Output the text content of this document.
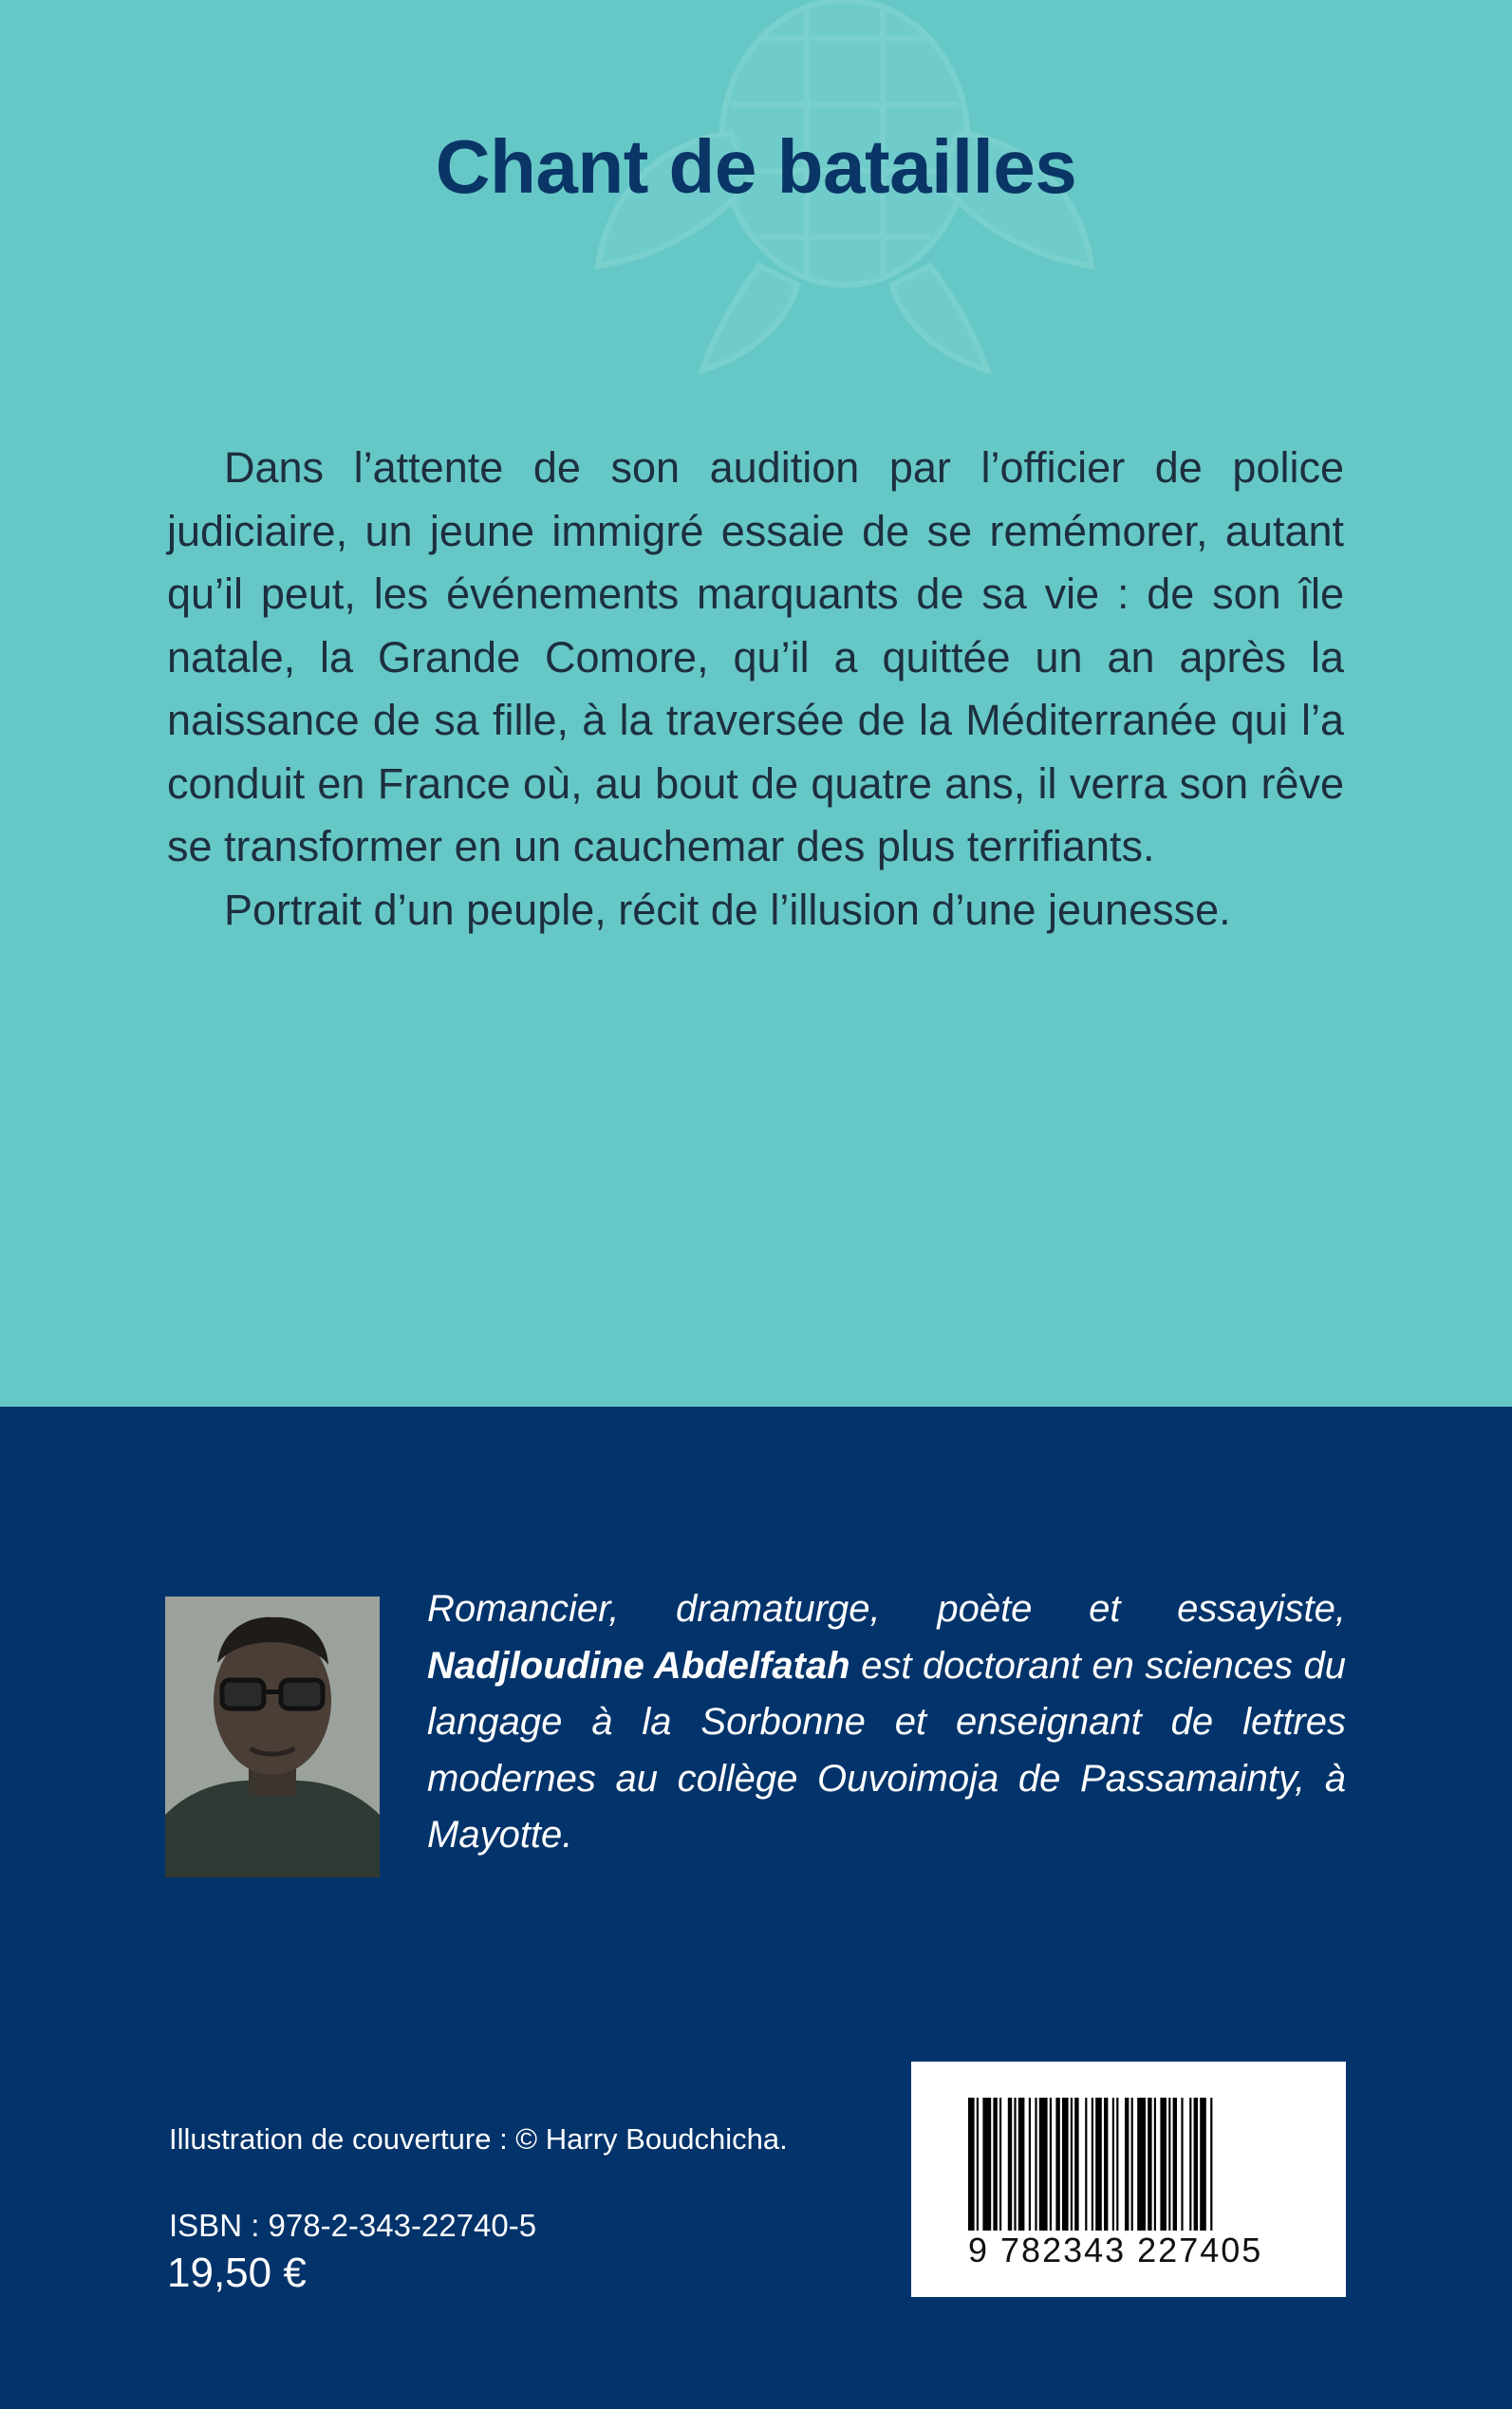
Chant de batailles

Dans l’attente de son audition par l’officier de police judiciaire, un jeune immigré essaie de se remémorer, autant qu’il peut, les événements marquants de sa vie : de son île natale, la Grande Comore, qu’il a quittée un an après la naissance de sa fille, à la traversée de la Méditerranée qui l’a conduit en France où, au bout de quatre ans, il verra son rêve se transformer en un cauchemar des plus terrifiants.

Portrait d’un peuple, récit de l’illusion d’une jeunesse.

Romancier, dramaturge, poète et essayiste, Nadjloudine Abdelfatah est doctorant en sciences du langage à la Sorbonne et enseignant de lettres modernes au collège Ouvoimoja de Passamainty, à Mayotte.

Illustration de couverture : © Harry Boudchicha.

ISBN : 978-2-343-22740-5

19,50 €	9 782343 227405
